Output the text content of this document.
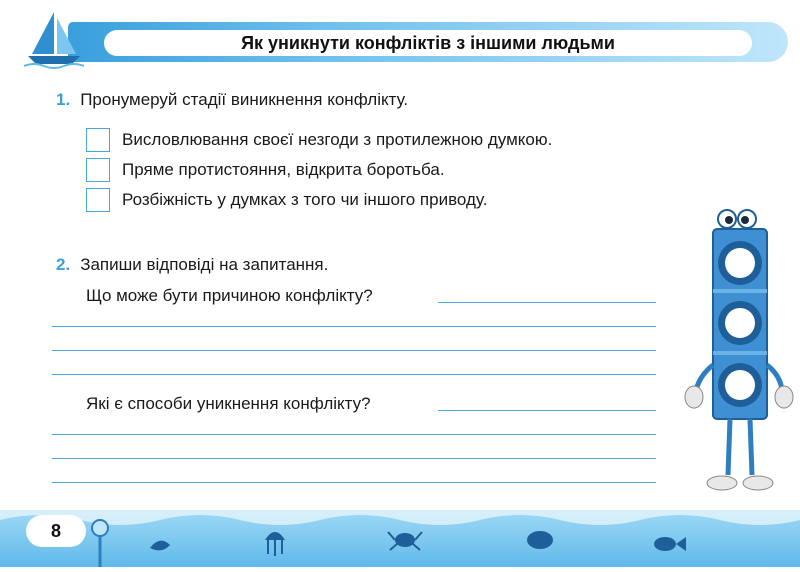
Як уникнути конфліктів з іншими людьми
1. Пронумеруй стадії виникнення конфлікту.
Висловлювання своєї незгоди з протилежною думкою.
Пряме протистояння, відкрита боротьба.
Розбіжність у думках з того чи іншого приводу.
2. Запиши відповіді на запитання.
Що може бути причиною конфлікту?
Які є способи уникнення конфлікту?
8
